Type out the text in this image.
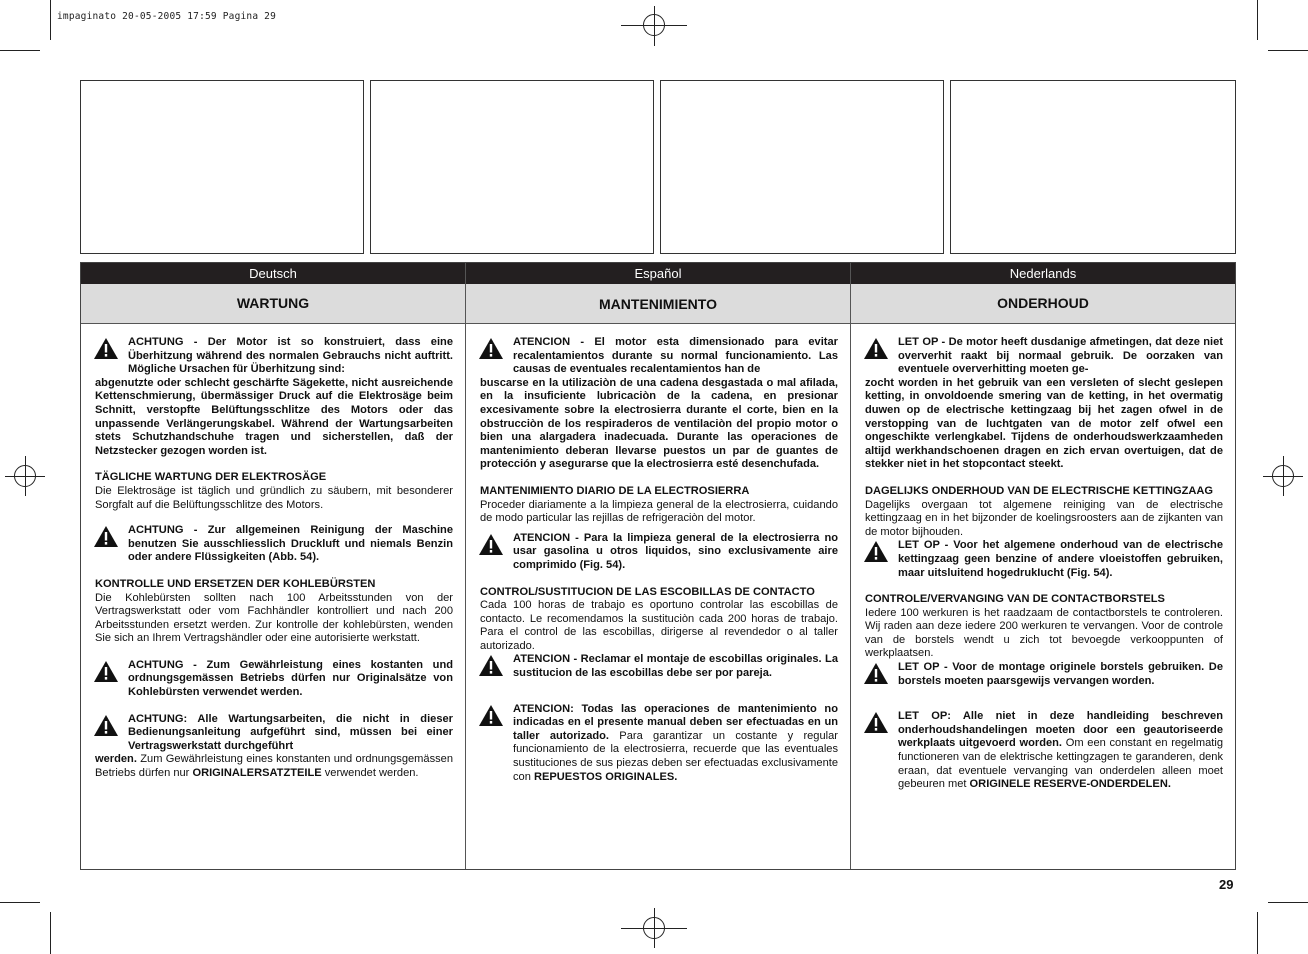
impaginato 20-05-2005 17:59 Pagina 29
Deutsch
WARTUNG

ACHTUNG - Der Motor ist so konstruiert, dass eine Überhitzung während des normalen Gebrauchs nicht auftritt. Mögliche Ursachen für Überhitzung sind:
abgenutzte oder schlecht geschärfte Sägekette, nicht ausreichende Kettenschmierung, übermässiger Druck auf die Elektrosäge beim Schnitt, verstopfte Belüftungsschlitze des Motors oder das unpassende Verlängerungskabel. Während der Wartungsarbeiten stets Schutzhandschuhe tragen und sicherstellen, daß der Netzstecker gezogen worden ist.

TÄGLICHE WARTUNG DER ELEKTROSÄGE

Die Elektrosäge ist täglich und gründlich zu säubern, mit besonderer Sorgfalt auf die Belüftungsschlitze des Motors.

ACHTUNG - Zur allgemeinen Reinigung der Maschine benutzen Sie ausschliesslich Druckluft und niemals Benzin oder andere Flüssigkeiten (Abb. 54).

KONTROLLE UND ERSETZEN DER KOHLEBÜRSTEN

Die Kohlebürsten sollten nach 100 Arbeitsstunden von der Vertragswerkstatt oder vom Fachhändler kontrolliert und nach 200 Arbeitsstunden ersetzt werden. Zur kontrolle der kohlebürsten, wenden Sie sich an Ihrem Vertragshändler oder eine autorisierte werkstatt.

ACHTUNG - Zum Gewährleistung eines kostanten und ordnungsgemässen Betriebs dürfen nur Originalsätze von Kohlebürsten verwendet werden.

ACHTUNG: Alle Wartungsarbeiten, die nicht in dieser Bedienungsanleitung aufgeführt sind, müssen bei einer Vertragswerkstatt durchgeführt
werden. Zum Gewährleistung eines konstanten und ordnungsgemässen Betriebs dürfen nur ORIGINALERSATZTEILE verwendet werden.

Español
MANTENIMIENTO

ATENCION - El motor esta dimensionado para evitar recalentamientos durante su normal funcionamiento. Las causas de eventuales recalentamientos han de
buscarse en la utilizaciòn de una cadena desgastada o mal afilada, en la insuficiente lubricaciòn de la cadena, en presionar excesivamente sobre la electrosierra durante el corte, bien en la obstrucciòn de los respiraderos de ventilaciòn del propio motor o bien una alargadera inadecuada. Durante las operaciones de mantenimiento deberan llevarse puestos un par de guantes de protección y asegurarse que la electrosierra esté desenchufada.

MANTENIMIENTO DIARIO DE LA ELECTROSIERRA

Proceder diariamente a la limpieza general de la electrosierra, cuidando de modo particular las rejillas de refrigeraciòn del motor.

ATENCION - Para la limpieza general de la electrosierra no usar gasolina u otros liquidos, sino exclusivamente aire comprimido (Fig. 54).

CONTROL/SUSTITUCION DE LAS ESCOBILLAS DE CONTACTO

Cada 100 horas de trabajo es oportuno controlar las escobillas de contacto. Le recomendamos la sustituciòn cada 200 horas de trabajo. Para el control de las escobillas, dirigerse al revendedor o al taller autorizado.

ATENCION - Reclamar el montaje de escobillas originales. La sustitucion de las escobillas debe ser por pareja.

ATENCION: Todas las operaciones de mantenimiento no indicadas en el presente manual deben ser efectuadas en un taller autorizado. Para garantizar un costante y regular funcionamiento de la electrosierra, recuerde que las eventuales sustituciones de sus piezas deben ser efectuadas exclusivamente con REPUESTOS ORIGINALES.

Nederlands
ONDERHOUD

LET OP - De motor heeft dusdanige afmetingen, dat deze niet oververhit raakt bij normaal gebruik. De oorzaken van eventuele oververhitting moeten ge-
zocht worden in het gebruik van een versleten of slecht geslepen ketting, in onvoldoende smering van de ketting, in het overmatig duwen op de electrische kettingzaag bij het zagen ofwel in de verstopping van de luchtgaten van de motor zelf ofwel een ongeschikte verlengkabel. Tijdens de onderhoudswerkzaamheden altijd werkhandschoenen dragen en zich ervan overtuigen, dat de stekker niet in het stopcontact steekt.

DAGELIJKS ONDERHOUD VAN DE ELECTRISCHE KETTINGZAAG

Dagelijks overgaan tot algemene reiniging van de electrische kettingzaag en in het bijzonder de koelingsroosters aan de zijkanten van de motor bijhouden.

LET OP - Voor het algemene onderhoud van de electrische kettingzaag geen benzine of andere vloeistoffen gebruiken, maar uitsluitend hogedrukIucht (Fig. 54).

CONTROLE/VERVANGING VAN DE CONTACTBORSTELS

Iedere 100 werkuren is het raadzaam de contactborstels te controleren. Wij raden aan deze iedere 200 werkuren te vervangen. Voor de controle van de borstels wendt u zich tot bevoegde verkooppunten of werkplaatsen.

LET OP - Voor de montage originele borstels gebruiken. De borstels moeten paarsgewijs vervangen worden.

LET OP: Alle niet in deze handleiding beschreven onderhoudshandelingen moeten door een geautoriseerde werkplaats uitgevoerd worden. Om een constant en regelmatig functioneren van de elektrische kettingzagen te garanderen, denk eraan, dat eventuele vervanging van onderdelen alleen moet gebeuren met ORIGINELE RESERVE-ONDERDELEN.

29
